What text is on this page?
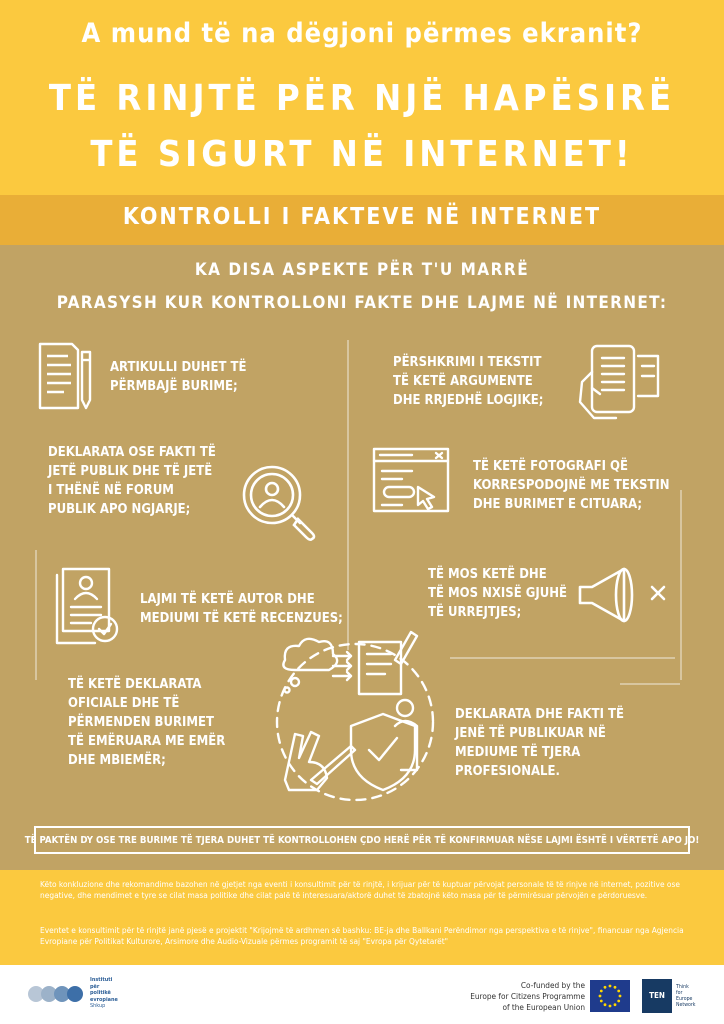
A mund të na dëgjoni përmes ekranit?
TË RINJTË PËR NJË HAPËSIRË
TË SIGURT NË INTERNET!
KONTROLLI I FAKTEVE NË INTERNET
KA DISA ASPEKTE PËR T'U MARRË
PARASYSH KUR KONTROLLONI FAKTE DHE LAJME NË INTERNET:
ARTIKULLI DUHET TË
PËRMBAJË BURIME;
PËRSHKRIMI I TEKSTIT
TË KETË ARGUMENTE
DHE RRJEDHË LOGJIKE;
DEKLARATA OSE FAKTI TË
JETË PUBLIK DHE TË JETË
I THËNË NË FORUM
PUBLIK APO NGJARJE;
TË KETË FOTOGRAFI QË
KORRESPODOJNË ME TEKSTIN
DHE BURIMET E CITUARA;
LAJMI TË KETË AUTOR DHE
MEDIUMI TË KETË RECENZUES;
TË MOS KETË DHE
TË MOS NXISË GJUHË
TË URREJTJES;
TË KETË DEKLARATA
OFICIALE DHE TË
PËRMENDEN BURIMET
TË EMËRUARA ME EMËR
DHE MBIEMËR;
DEKLARATA DHE FAKTI TË
JENË TË PUBLIKUAR NË
MEDIUME TË TJERA
PROFESIONALE.
TË PAKTËN DY OSE TRE BURIME TË TJERA DUHET TË KONTROLLOHEN ÇDO HERË PËR TË KONFIRMUAR NËSE LAJMI ËSHTË I VËRTETË APO JO!
Këto konkluzione dhe rekomandime bazohen në gjetjet nga eventi i konsultimit për të rinjtë, i krijuar për të kuptuar përvojat personale të të rinjve në internet, pozitive ose negative, dhe mendimet e tyre se cilat masa politike dhe cilat palë të interesuara/aktorë duhet të zbatojnë këto masa për të përmirësuar përvojën e përdoruesve.
Eventet e konsultimit për të rinjtë janë pjesë e projektit "Krijojmë të ardhmen së bashku: BE-ja dhe Ballkani Perëndimor nga perspektiva e të rinjve", financuar nga Agjencia Evropiane për Politikat Kulturore, Arsimore dhe Audio-Vizuale përmes programit të saj "Evropa për Qytetarët"
Instituti
për
politikë
evropiane
Shkup
Co-funded by the
Europe for Citizens Programme
of the European Union
TEN
Think
for
Europe
Network
